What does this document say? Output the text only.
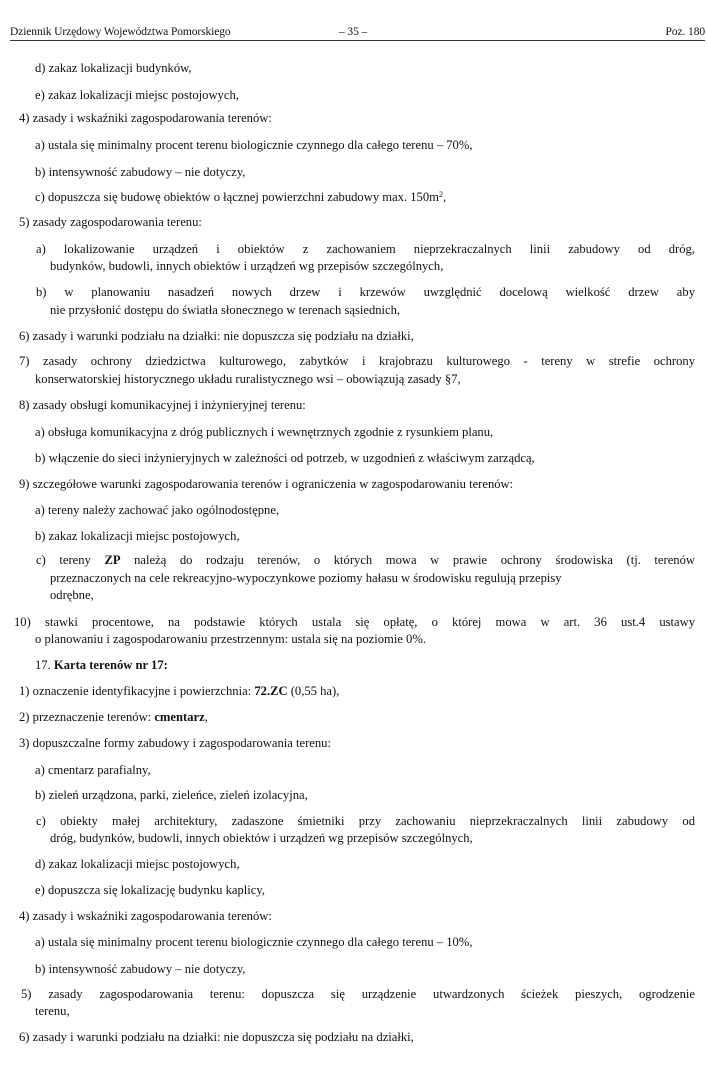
Dziennik Urzędowy Województwa Pomorskiego	– 35 –	Poz. 180
d) zakaz lokalizacji budynków,
e) zakaz lokalizacji miejsc postojowych,
4) zasady i wskaźniki zagospodarowania terenów:
a) ustala się minimalny procent terenu biologicznie czynnego dla całego terenu – 70%,
b) intensywność zabudowy – nie dotyczy,
c) dopuszcza się budowę obiektów o łącznej powierzchni zabudowy max. $150m^2$,
5) zasady zagospodarowania terenu:
a) lokalizowanie urządzeń i obiektów z zachowaniem nieprzekraczalnych linii zabudowy od dróg,
budynków, budowli, innych obiektów i urządzeń wg przepisów szczególnych,
b) w planowaniu nasadzeń nowych drzew i krzewów uwzględnić docelową wielkość drzew aby
nie przysłonić dostępu do światła słonecznego w terenach sąsiednich,
6) zasady i warunki podziału na działki: nie dopuszcza się podziału na działki,
7) zasady ochrony dziedzictwa kulturowego, zabytków i krajobrazu kulturowego - tereny w strefie ochrony
konserwatorskiej historycznego układu ruralistycznego wsi – obowiązują zasady §7,
8) zasady obsługi komunikacyjnej i inżynieryjnej terenu:
a) obsługa komunikacyjna z dróg publicznych i wewnętrznych zgodnie z rysunkiem planu,
b) włączenie do sieci inżynieryjnych w zależności od potrzeb, w uzgodnień z właściwym zarządcą,
9) szczegółowe warunki zagospodarowania terenów i ograniczenia w zagospodarowaniu terenów:
a) tereny należy zachować jako ogólnodostępne,
b) zakaz lokalizacji miejsc postojowych,
c) tereny ZP należą do rodzaju terenów, o których mowa w prawie ochrony środowiska (tj. terenów
przeznaczonych na cele rekreacyjno-wypoczynkowe poziomy hałasu w środowisku regulują przepisy
odrębne,
10) stawki procentowe, na podstawie których ustala się opłatę, o której mowa w art. 36 ust.4 ustawy
o planowaniu i zagospodarowaniu przestrzennym: ustala się na poziomie 0%.
17. Karta terenów nr 17:
1) oznaczenie identyfikacyjne i powierzchnia: 72.ZC (0,55 ha),
2) przeznaczenie terenów: cmentarz,
3) dopuszczalne formy zabudowy i zagospodarowania terenu:
a) cmentarz parafialny,
b) zieleń urządzona, parki, zieleńce, zieleń izolacyjna,
c) obiekty małej architektury, zadaszone śmietniki przy zachowaniu nieprzekraczalnych linii zabudowy od
dróg, budynków, budowli, innych obiektów i urządzeń wg przepisów szczególnych,
d) zakaz lokalizacji miejsc postojowych,
e) dopuszcza się lokalizację budynku kaplicy,
4) zasady i wskaźniki zagospodarowania terenów:
a) ustala się minimalny procent terenu biologicznie czynnego dla całego terenu – 10%,
b) intensywność zabudowy – nie dotyczy,
5) zasady zagospodarowania terenu: dopuszcza się urządzenie utwardzonych ścieżek pieszych, ogrodzenie
terenu,
6) zasady i warunki podziału na działki: nie dopuszcza się podziału na działki,
